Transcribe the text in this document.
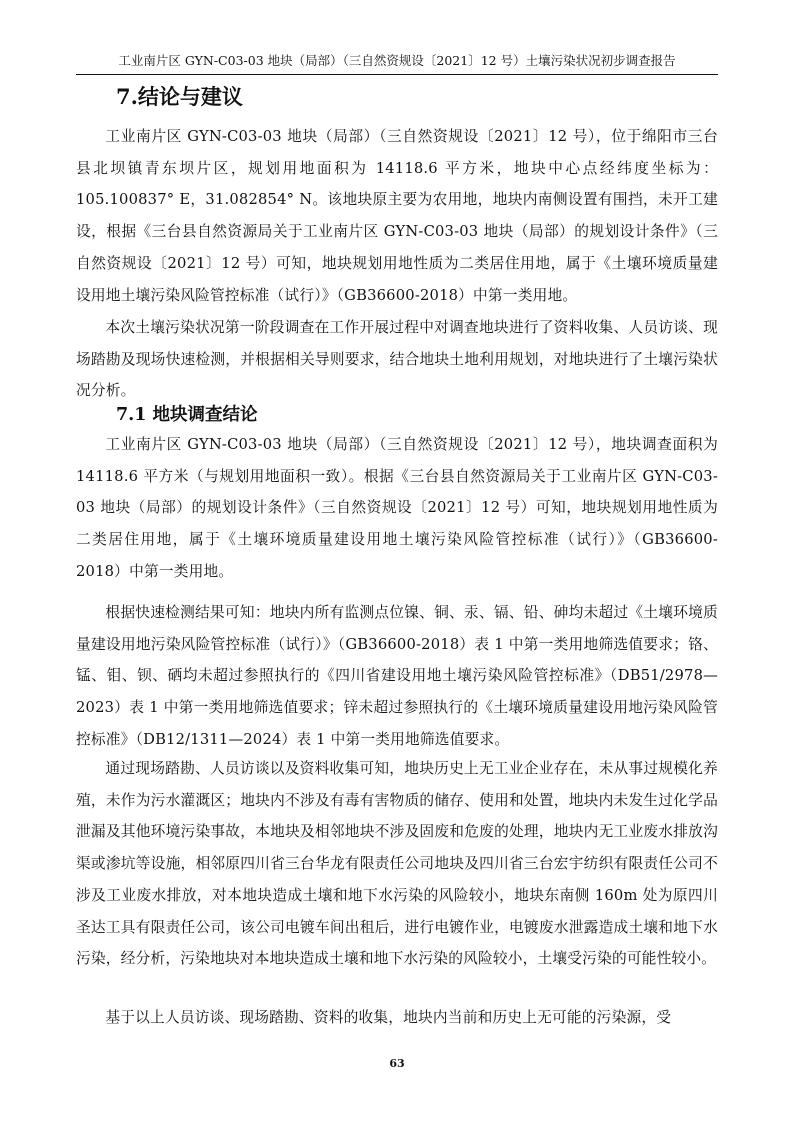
工业南片区 GYN-C03-03 地块（局部）（三自然资规设〔2021〕12 号）土壤污染状况初步调查报告
7.结论与建议

工业南片区 GYN-C03-03 地块（局部）（三自然资规设〔2021〕12 号），位于绵阳市三台县北坝镇青东坝片区，规划用地面积为 14118.6 平方米，地块中心点经纬度坐标为：105.100837° E，31.082854° N。该地块原主要为农用地，地块内南侧设置有围挡，未开工建设，根据《三台县自然资源局关于工业南片区 GYN-C03-03 地块（局部）的规划设计条件》（三自然资规设〔2021〕12 号）可知，地块规划用地性质为二类居住用地，属于《土壤环境质量建设用地土壤污染风险管控标准（试行）》（GB36600-2018）中第一类用地。

本次土壤污染状况第一阶段调查在工作开展过程中对调查地块进行了资料收集、人员访谈、现场踏勘及现场快速检测，并根据相关导则要求，结合地块土地利用规划，对地块进行了土壤污染状况分析。

7.1 地块调查结论

工业南片区 GYN-C03-03 地块（局部）（三自然资规设〔2021〕12 号），地块调查面积为 14118.6 平方米（与规划用地面积一致）。根据《三台县自然资源局关于工业南片区 GYN-C03-03 地块（局部）的规划设计条件》（三自然资规设〔2021〕12 号）可知，地块规划用地性质为二类居住用地，属于《土壤环境质量建设用地土壤污染风险管控标准（试行）》（GB36600-2018）中第一类用地。

根据快速检测结果可知：地块内所有监测点位镍、铜、汞、镉、铅、砷均未超过《土壤环境质量建设用地污染风险管控标准（试行）》（GB36600-2018）表 1 中第一类用地筛选值要求；铬、锰、钼、钡、硒均未超过参照执行的《四川省建设用地土壤污染风险管控标准》（DB51/2978—2023）表 1 中第一类用地筛选值要求；锌未超过参照执行的《土壤环境质量建设用地污染风险管控标准》（DB12/1311—2024）表 1 中第一类用地筛选值要求。

通过现场踏勘、人员访谈以及资料收集可知，地块历史上无工业企业存在，未从事过规模化养殖，未作为污水灌溉区；地块内不涉及有毒有害物质的储存、使用和处置，地块内未发生过化学品泄漏及其他环境污染事故，本地块及相邻地块不涉及固废和危废的处理，地块内无工业废水排放沟渠或渗坑等设施，相邻原四川省三台华龙有限责任公司地块及四川省三台宏宇纺织有限责任公司不涉及工业废水排放，对本地块造成土壤和地下水污染的风险较小，地块东南侧 160m 处为原四川圣达工具有限责任公司，该公司电镀车间出租后，进行电镀作业，电镀废水泄露造成土壤和地下水污染，经分析，污染地块对本地块造成土壤和地下水污染的风险较小，土壤受污染的可能性较小。

基于以上人员访谈、现场踏勘、资料的收集，地块内当前和历史上无可能的污染源，受

63
